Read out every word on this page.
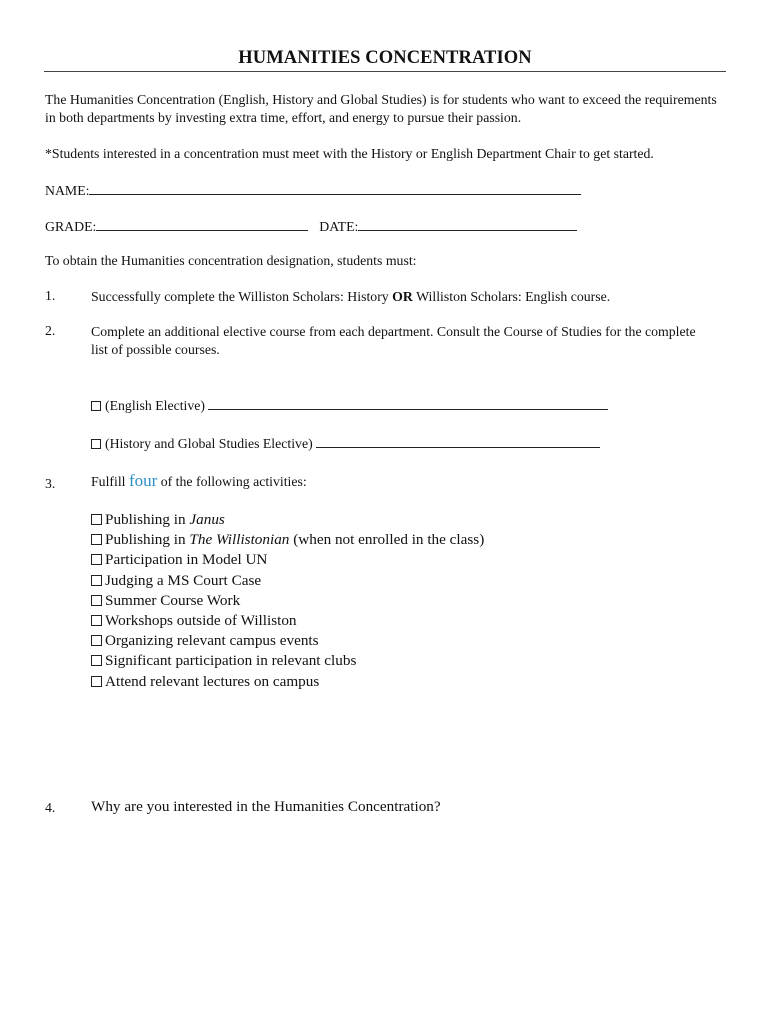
HUMANITIES CONCENTRATION
The Humanities Concentration (English, History and Global Studies) is for students who want to exceed the requirements in both departments by investing extra time, effort, and energy to pursue their passion.
*Students interested in a concentration must meet with the History or English Department Chair to get started.
NAME:
GRADE:	DATE:
To obtain the Humanities concentration designation, students must:
1.	Successfully complete the Williston Scholars: History OR Williston Scholars: English course.
2.	Complete an additional elective course from each department. Consult the Course of Studies for the complete list of possible courses.
(English Elective)
(History and Global Studies Elective)
3.	Fulfill four of the following activities:
Publishing in Janus
Publishing in The Willistonian (when not enrolled in the class)
Participation in Model UN
Judging a MS Court Case
Summer Course Work
Workshops outside of Williston
Organizing relevant campus events
Significant participation in relevant clubs
Attend relevant lectures on campus
4. Why are you interested in the Humanities Concentration?
